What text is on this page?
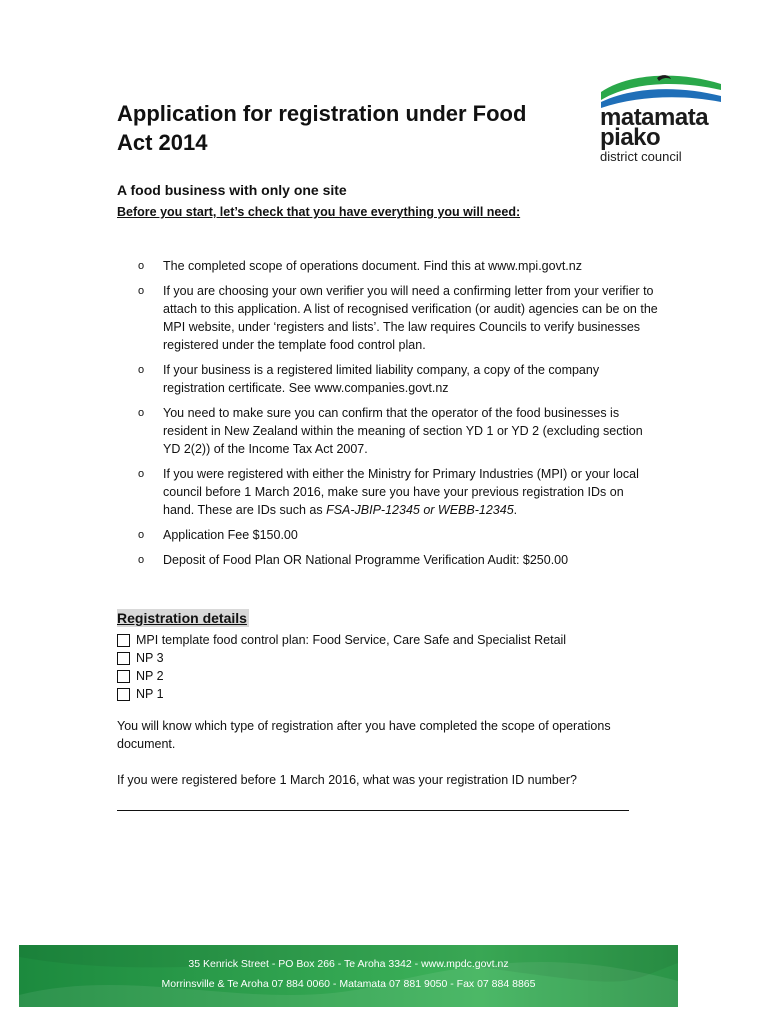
Application for registration under Food
Act 2014
matamata
piako
district council
A food business with only one site

Before you start, let’s check that you have everything you will need:

o	The completed scope of operations document. Find this at www.mpi.govt.nz
o	If you are choosing your own verifier you will need a confirming letter from your verifier to attach to this application. A list of recognised verification (or audit) agencies can be on the MPI website, under ‘registers and lists’. The law requires Councils to verify businesses registered under the template food control plan.
o	If your business is a registered limited liability company, a copy of the company registration certificate. See www.companies.govt.nz
o	You need to make sure you can confirm that the operator of the food businesses is resident in New Zealand within the meaning of section YD 1 or YD 2 (excluding section YD 2(2)) of the Income Tax Act 2007.
o	If you were registered with either the Ministry for Primary Industries (MPI) or your local council before 1 March 2016, make sure you have your previous registration IDs on hand. These are IDs such as FSA-JBIP-12345 or WEBB-12345.
o	Application Fee $150.00
o	Deposit of Food Plan OR National Programme Verification Audit: $250.00
Registration details
MPI template food control plan: Food Service, Care Safe and Specialist Retail
NP 3
NP 2
NP 1

You will know which type of registration after you have completed the scope of operations document.

If you were registered before 1 March 2016, what was your registration ID number?

35 Kenrick Street - PO Box 266 - Te Aroha 3342 - www.mpdc.govt.nz
Morrinsville & Te Aroha 07 884 0060 - Matamata 07 881 9050 - Fax 07 884 8865
